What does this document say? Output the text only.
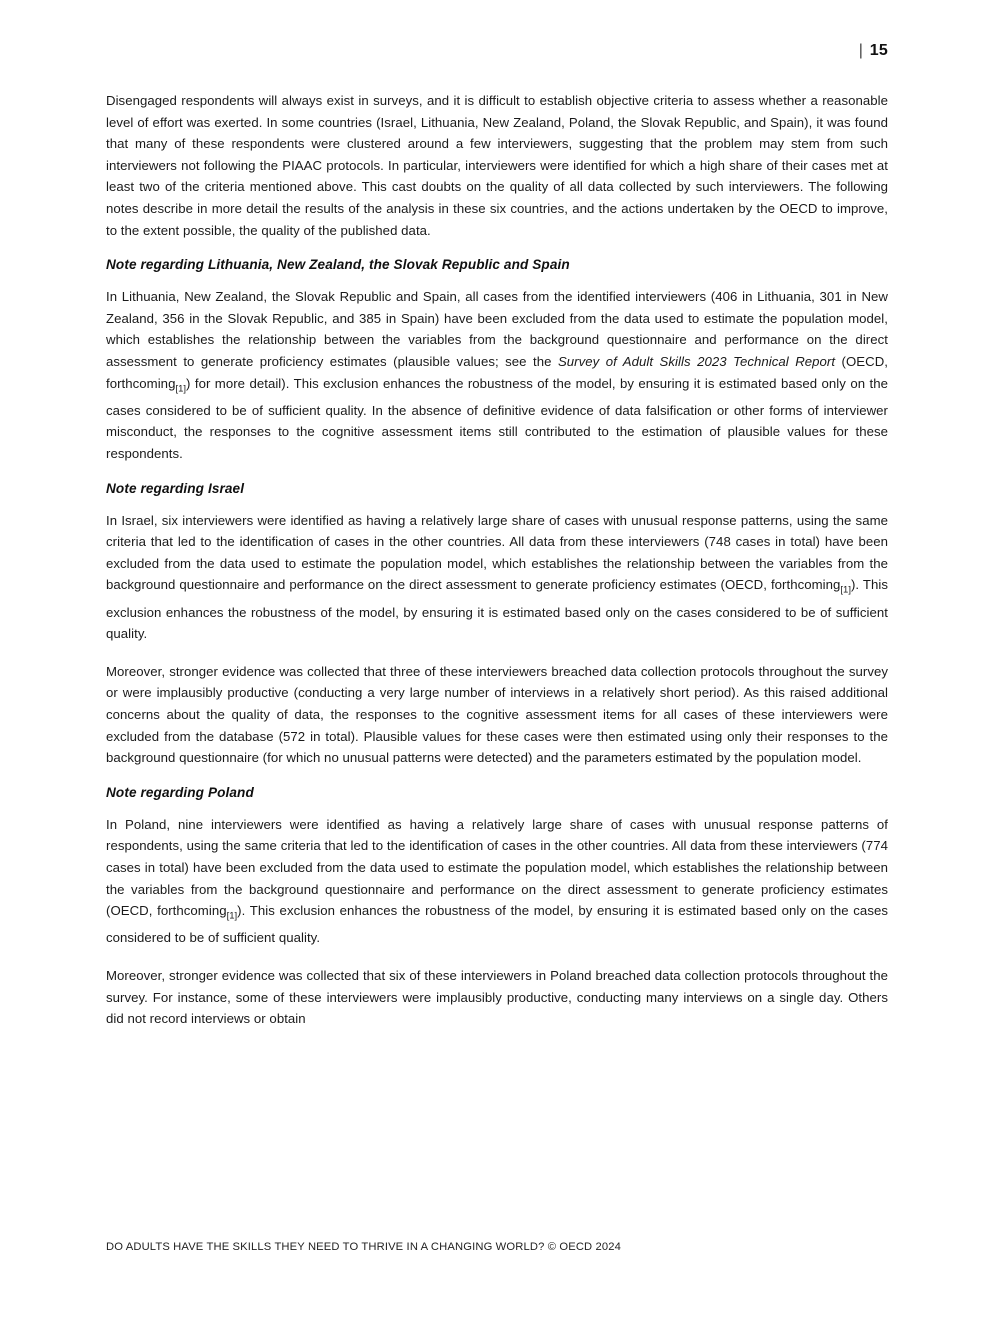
| 15

Disengaged respondents will always exist in surveys, and it is difficult to establish objective criteria to assess whether a reasonable level of effort was exerted. In some countries (Israel, Lithuania, New Zealand, Poland, the Slovak Republic, and Spain), it was found that many of these respondents were clustered around a few interviewers, suggesting that the problem may stem from such interviewers not following the PIAAC protocols. In particular, interviewers were identified for which a high share of their cases met at least two of the criteria mentioned above. This cast doubts on the quality of all data collected by such interviewers. The following notes describe in more detail the results of the analysis in these six countries, and the actions undertaken by the OECD to improve, to the extent possible, the quality of the published data.

Note regarding Lithuania, New Zealand, the Slovak Republic and Spain

In Lithuania, New Zealand, the Slovak Republic and Spain, all cases from the identified interviewers (406 in Lithuania, 301 in New Zealand, 356 in the Slovak Republic, and 385 in Spain) have been excluded from the data used to estimate the population model, which establishes the relationship between the variables from the background questionnaire and performance on the direct assessment to generate proficiency estimates (plausible values; see the Survey of Adult Skills 2023 Technical Report (OECD, forthcoming$_{[1]}$) for more detail). This exclusion enhances the robustness of the model, by ensuring it is estimated based only on the cases considered to be of sufficient quality. In the absence of definitive evidence of data falsification or other forms of interviewer misconduct, the responses to the cognitive assessment items still contributed to the estimation of plausible values for these respondents.

Note regarding Israel

In Israel, six interviewers were identified as having a relatively large share of cases with unusual response patterns, using the same criteria that led to the identification of cases in the other countries. All data from these interviewers (748 cases in total) have been excluded from the data used to estimate the population model, which establishes the relationship between the variables from the background questionnaire and performance on the direct assessment to generate proficiency estimates (OECD, forthcoming$_{[1]}$). This exclusion enhances the robustness of the model, by ensuring it is estimated based only on the cases considered to be of sufficient quality.

Moreover, stronger evidence was collected that three of these interviewers breached data collection protocols throughout the survey or were implausibly productive (conducting a very large number of interviews in a relatively short period). As this raised additional concerns about the quality of data, the responses to the cognitive assessment items for all cases of these interviewers were excluded from the database (572 in total). Plausible values for these cases were then estimated using only their responses to the background questionnaire (for which no unusual patterns were detected) and the parameters estimated by the population model.

Note regarding Poland

In Poland, nine interviewers were identified as having a relatively large share of cases with unusual response patterns of respondents, using the same criteria that led to the identification of cases in the other countries. All data from these interviewers (774 cases in total) have been excluded from the data used to estimate the population model, which establishes the relationship between the variables from the background questionnaire and performance on the direct assessment to generate proficiency estimates (OECD, forthcoming$_{[1]}$). This exclusion enhances the robustness of the model, by ensuring it is estimated based only on the cases considered to be of sufficient quality.

Moreover, stronger evidence was collected that six of these interviewers in Poland breached data collection protocols throughout the survey. For instance, some of these interviewers were implausibly productive, conducting many interviews on a single day. Others did not record interviews or obtain

DO ADULTS HAVE THE SKILLS THEY NEED TO THRIVE IN A CHANGING WORLD? © OECD 2024
